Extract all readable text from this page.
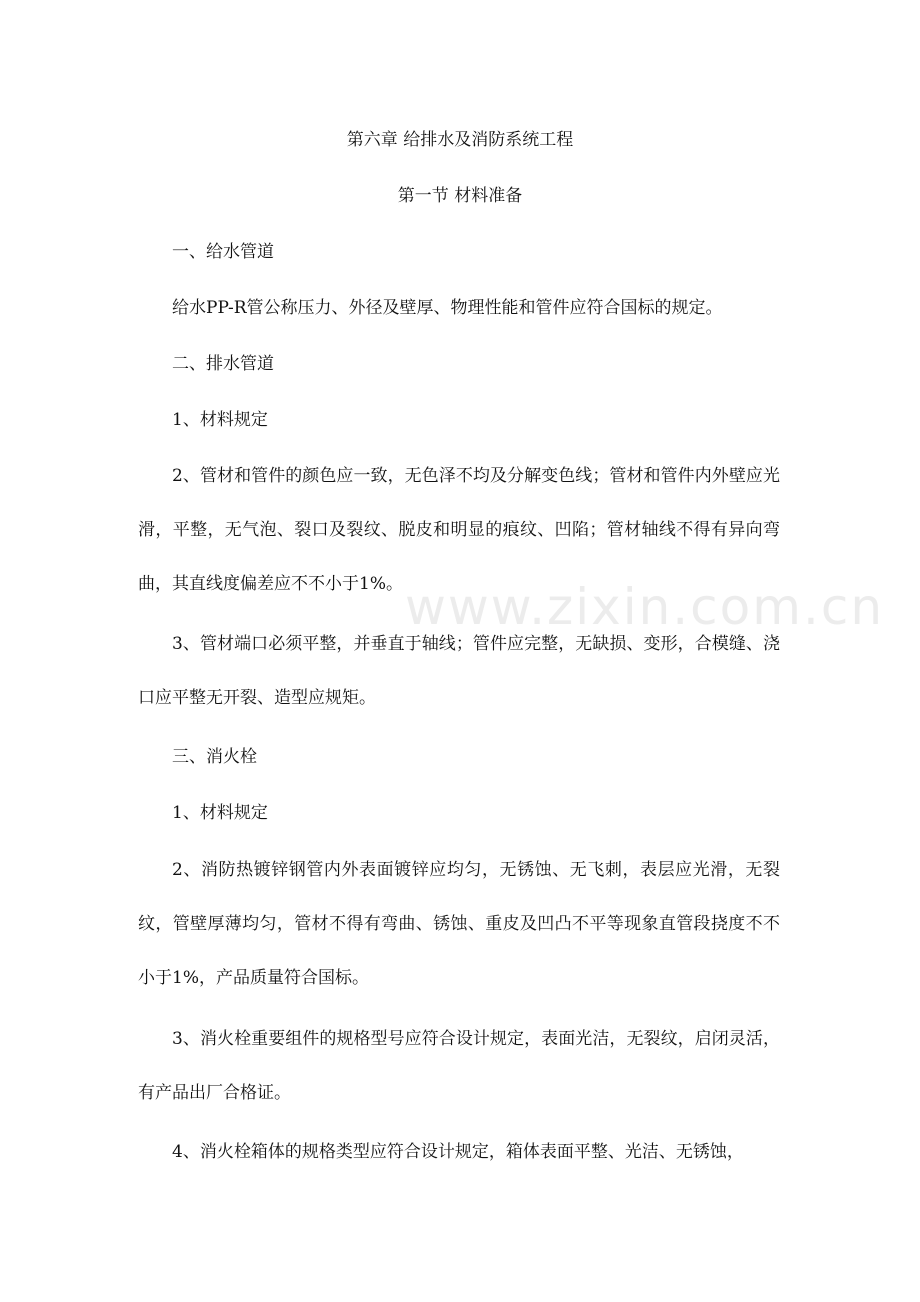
www.zixin.com.cn
第六章 给排水及消防系统工程
第一节 材料准备

一、给水管道

给水PP-R管公称压力、外径及壁厚、物理性能和管件应符合国标的规定。

二、排水管道

1、材料规定

2、管材和管件的颜色应一致，无色泽不均及分解变色线；管材和管件内外壁应光滑，平整，无气泡、裂口及裂纹、脱皮和明显的痕纹、凹陷；管材轴线不得有异向弯曲，其直线度偏差应不不小于1%。

3、管材端口必须平整，并垂直于轴线；管件应完整，无缺损、变形，合模缝、浇口应平整无开裂、造型应规矩。

三、消火栓

1、材料规定

2、消防热镀锌钢管内外表面镀锌应均匀，无锈蚀、无飞刺，表层应光滑，无裂纹，管壁厚薄均匀，管材不得有弯曲、锈蚀、重皮及凹凸不平等现象直管段挠度不不小于1%，产品质量符合国标。

3、消火栓重要组件的规格型号应符合设计规定，表面光洁，无裂纹，启闭灵活，有产品出厂合格证。

4、消火栓箱体的规格类型应符合设计规定，箱体表面平整、光洁、无锈蚀，
